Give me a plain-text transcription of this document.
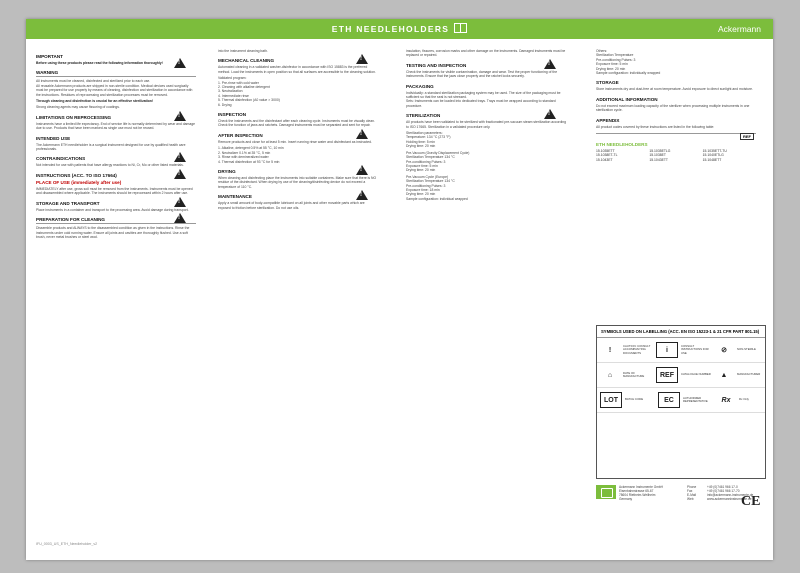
ETH NEEDLEHOLDERS	Ackermann
IMPORTANT
Before using these products please read the following information thoroughly!
WARNING
!
All instruments must be cleaned, disinfected and sterilized prior to each use.
All reusable Ackermann products are shipped in non-sterile condition. Medical devices used surgically must be prepared for use properly by means of cleaning, disinfection and sterilization in accordance with the instructions. Residues of reprocessing and sterilization processes must be removed.
Through cleaning and disinfection is crucial for an effective sterilization!
Strong cleaning agents may cause fissuring of coatings.
LIMITATIONS ON REPROCESSING
!
Instruments have a limited life expectancy. End of service life is normally determined by wear and damage due to use. Products that have been marked as single use must not be reused.
INTENDED USE
The Ackermann ETH needleholder is a surgical instrument designed for use by qualified health care professionals.
CONTRAINDICATIONS
!
Not intended for use with patients that have allergy reactions to Ni, Cr, Mo or other listed materials.
INSTRUCTIONS (ACC. TO ISO 17664)
!
PLACE OF USE (immediately after use)
IMMEDIATELY after use, gross soil must be removed from the instruments. Instruments must be opened and disassembled where applicable. The instruments should be reprocessed within 2 hours after use.
STORAGE AND TRANSPORT
!
Place instruments in a container and transport to the processing area. Avoid damage during transport.
PREPARATION FOR CLEANING
!
Dissemble products and ALWAYS to the disassembled condition as given in the instructions. Rinse the instruments under cold running water. Ensure all joints and cavities are thoroughly flushed. Use a soft brush, never metal brushes or steel wool.
into the instrument cleaning bath.
MECHANICAL CLEANING
!
Automated cleaning in a validated washer-disinfector in accordance with ISO 15883 is the preferred method. Load the instruments in open position so that all surfaces are accessible to the cleaning solution.
Validated program:
1. Pre-rinse with cold water
2. Cleaning with alkaline detergent
3. Neutralization
4. Intermediate rinse
5. Thermal disinfection (A0 value > 3000)
6. Drying
INSPECTION
Check the instruments and the disinfectant after each cleaning cycle. Instruments must be visually clean. Check the function of jaws and ratchets. Damaged instruments must be separated and sent for repair.
AFTER INSPECTION
!
Remove products and close for at least 5 min. Insert running rinse water and disinfectant as instructed.
1. Alkaline, detergent 0.5% at 55 °C, 10 min
2. Neutralizer 0.1% at 35 °C, 5 min
3. Rinse with demineralized water
4. Thermal disinfection at 93 °C for 5 min
DRYING
!
When cleaning and disinfecting place the instruments into suitable containers. Make sure that there is NO residue of the disinfectant. When drying by use of the cleaning/disinfecting device do not exceed a temperature of 110 °C.
MAINTENANCE
!
Apply a small amount of body-compatible lubricant on all joints and other movable parts which are exposed to friction before sterilization. Do not use oils.
insulation, fissures, corrosion marks and other damage on the instruments. Damaged instruments must be replaced or repaired.
TESTING AND INSPECTION
!
Check the instruments for visible contamination, damage and wear. Test the proper functioning of the instruments. Ensure that the jaws close properly and the ratchet locks securely.
PACKAGING
Individually: a standard sterilization packaging system may be used. The size of the packaging must be sufficient so that the seal is not stressed.
Sets: Instruments can be loaded into dedicated trays. Trays must be wrapped according to standard procedure.
STERILIZATION
!
All products have been validated to be sterilized with fractionated pre-vacuum steam sterilization according to ISO 17665. Sterilization in a validated procedure only.
Sterilization parameters:
Temperature: 134 °C (273 °F)
Holding time: 5 min
Drying time: 20 min
Pre-Vacuum (Gravity Displacement Cycle)
Sterilization Temperature 134 °C
Pre-conditioning Pulses: 3
Exposure time: 5 min
Drying time: 20 min
Pre-Vacuum Cycle (Europe)
Sterilization Temperature 134 °C
Pre-conditioning Pulses: 3
Exposure time: 18 min
Drying time: 20 min
Sample configuration: individual wrapped
Others:
Sterilization Temperature
Pre-conditioning Pulses: 3
Exposure time: 5 min
Drying time: 20 min
Sample configuration: individually wrapped
STORAGE
Store instruments dry and dust-free at room temperature. Avoid exposure to direct sunlight and moisture.
ADDITIONAL INFORMATION
Do not exceed maximum loading capacity of the sterilizer when processing multiple instruments in one sterilization cycle.
APPENDIX
All product codes covered by these instructions are listed in the following table:
ETH NEEDLEHOLDERS
REF
15.1035ETT	15.1035ETLG	15.1035ETT-TU
15.1038ET-TL	15.1038ET	15.1040ETLG
15.1043ET	15.1043ETT	15.1048ETT
SYMBOLS USED ON LABELLING (ACC. EN ISO 15223-1 & 21 CFR PART 801.15)
!
CAUTION: CONSULT ACCOMPANYING DOCUMENTS	i
CONSULT INSTRUCTIONS FOR USE	⊘	NON-STERILE
⌂	DATE OF MANUFACTURE	REF	CATALOGUE NUMBER	▲	MANUFACTURER
LOT	BATCH CODE	EC	AUTHORIZED REPRESENTATIVE	Rx	Rx Only
Ackermann Instrumente GmbH	Phone	+49 (0)7461 966 17-0
Eisenbahnstrasse 65-67	Fax	+49 (0)7461 966 17-70
78604 Rietheim-Weilheim	E-Mail	info@ackermann-instrumente.de
Germany	Web	www.ackermanninstrumente.de
CE
IFU_0003_US_ETH_Needleholder_v2
